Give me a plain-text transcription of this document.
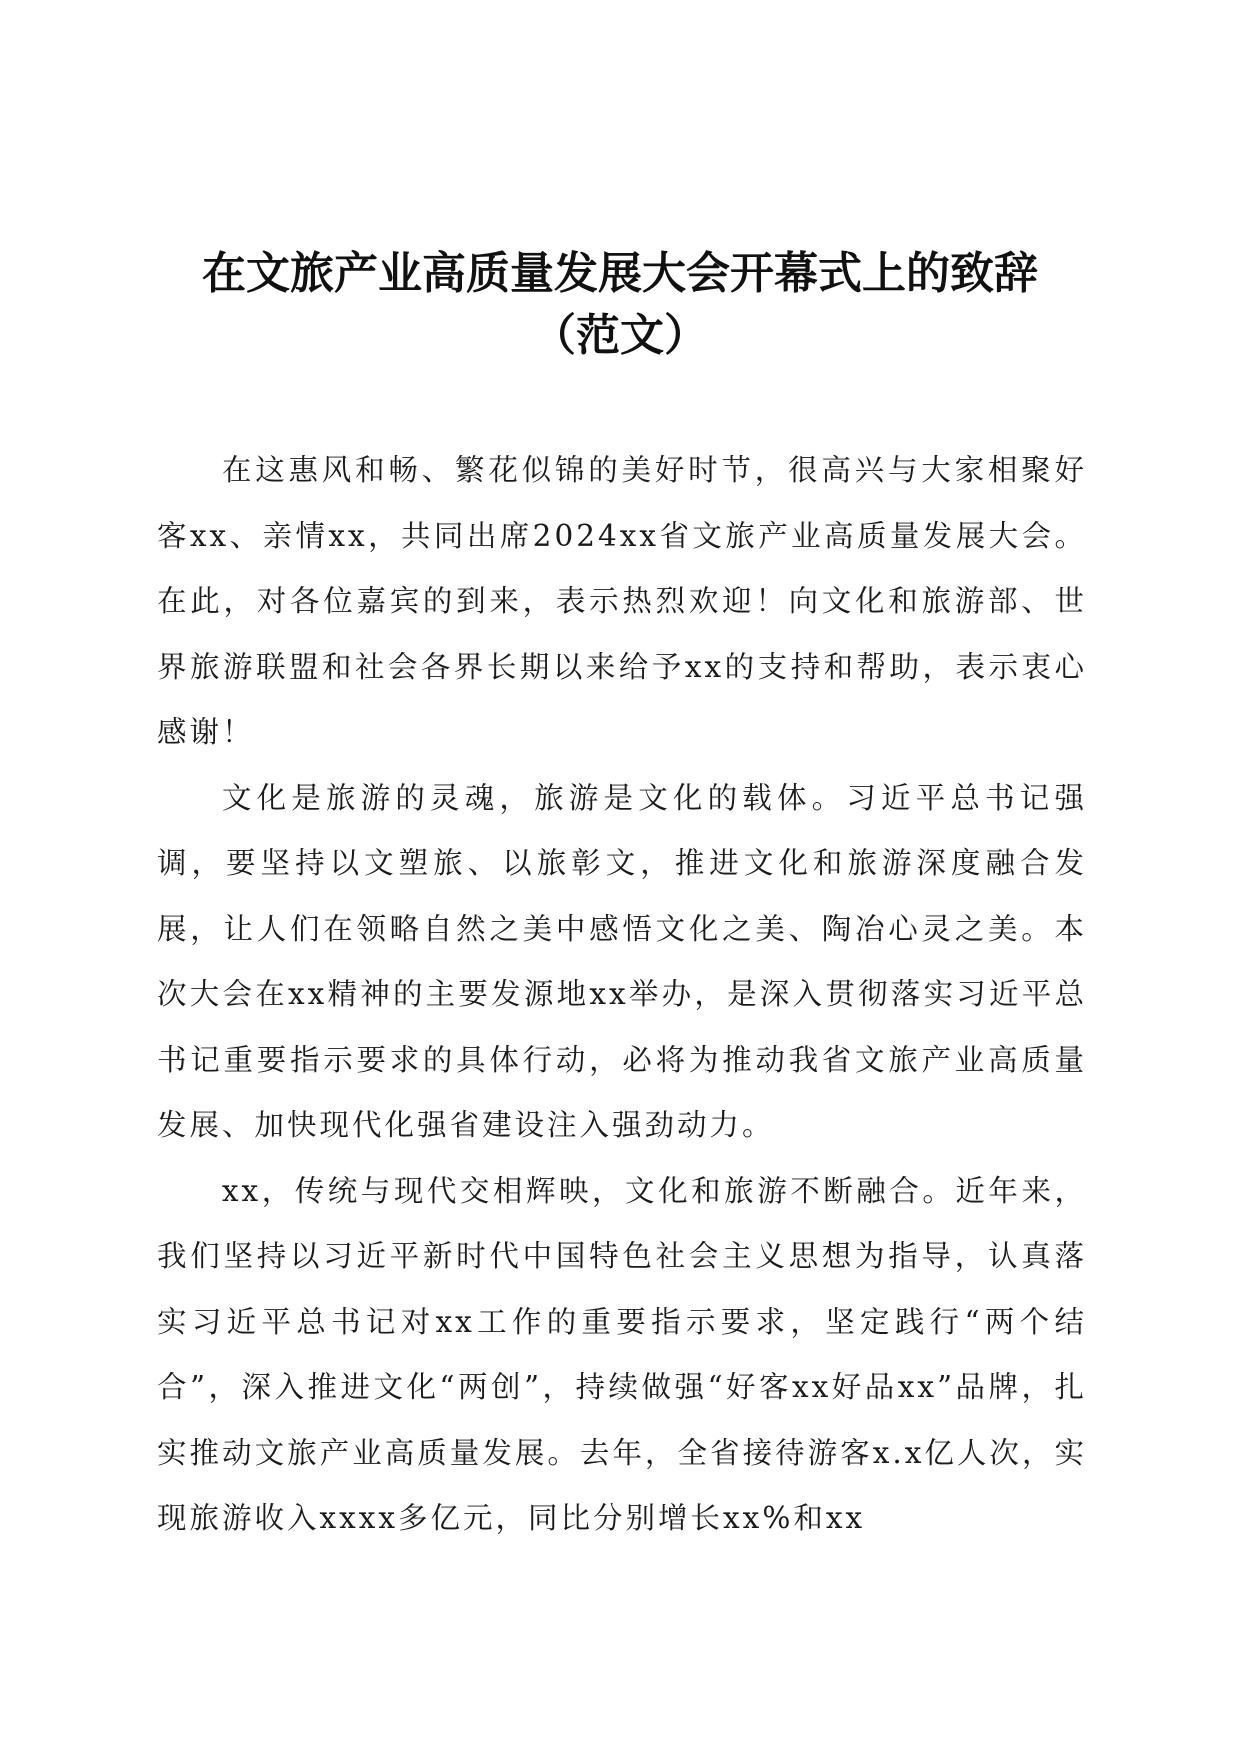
在文旅产业高质量发展大会开幕式上的致辞
（范文）

在这惠风和畅、繁花似锦的美好时节，很高兴与大家相聚好客xx、亲情xx，共同出席2024xx省文旅产业高质量发展大会。在此，对各位嘉宾的到来，表示热烈欢迎！向文化和旅游部、世界旅游联盟和社会各界长期以来给予xx的支持和帮助，表示衷心感谢！

文化是旅游的灵魂，旅游是文化的载体。习近平总书记强调，要坚持以文塑旅、以旅彰文，推进文化和旅游深度融合发展，让人们在领略自然之美中感悟文化之美、陶冶心灵之美。本次大会在xx精神的主要发源地xx举办，是深入贯彻落实习近平总书记重要指示要求的具体行动，必将为推动我省文旅产业高质量发展、加快现代化强省建设注入强劲动力。

xx，传统与现代交相辉映，文化和旅游不断融合。近年来，我们坚持以习近平新时代中国特色社会主义思想为指导，认真落实习近平总书记对xx工作的重要指示要求，坚定践行“两个结合”，深入推进文化“两创”，持续做强“好客xx好品xx”品牌，扎实推动文旅产业高质量发展。去年，全省接待游客x.x亿人次，实现旅游收入xxxx多亿元，同比分别增长xx%和xx
